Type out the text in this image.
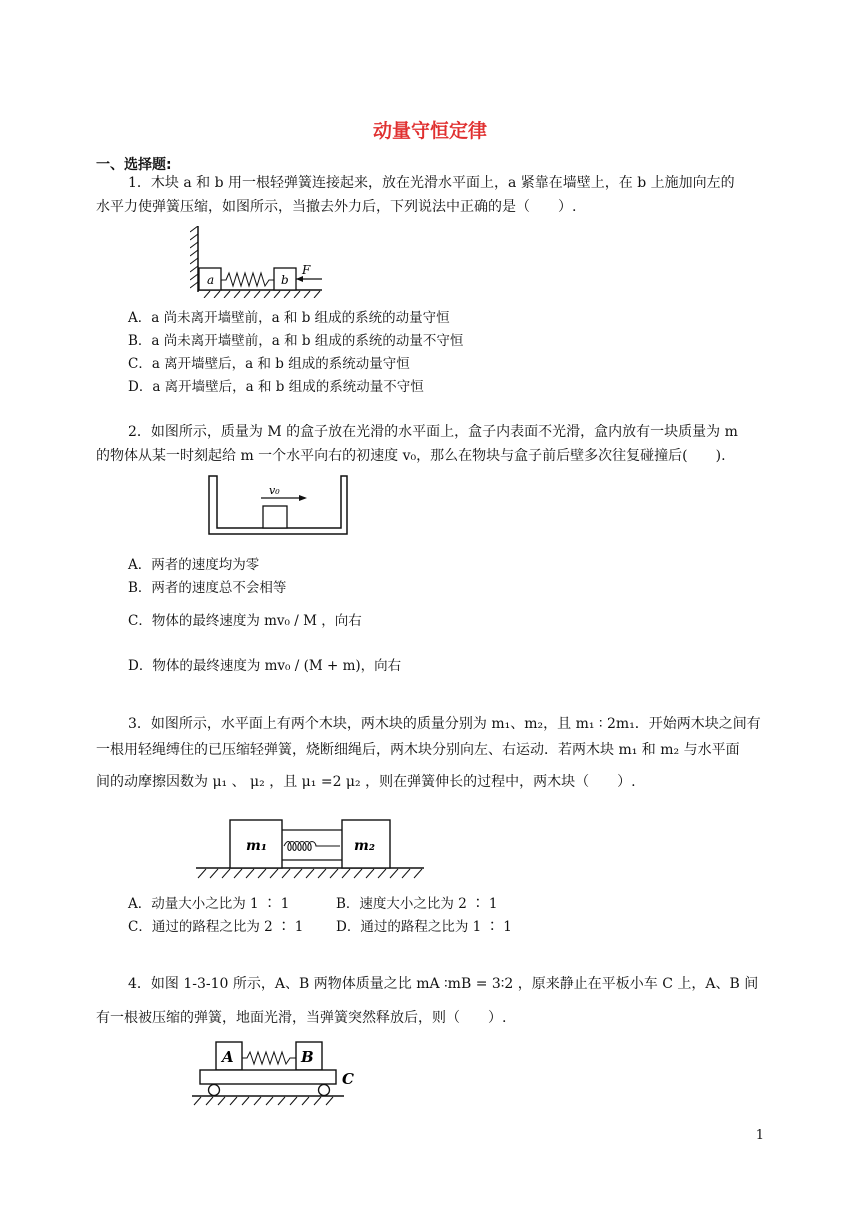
动量守恒定律
一、选择题:
1．木块 a 和 b 用一根轻弹簧连接起来，放在光滑水平面上，a 紧靠在墙壁上，在 b 上施加向左的
水平力使弹簧压缩，如图所示，当撤去外力后，下列说法中正确的是（　　）.
a	b
F
A．a 尚未离开墙壁前，a 和 b 组成的系统的动量守恒
B．a 尚未离开墙壁前，a 和 b 组成的系统的动量不守恒
C．a 离开墙壁后，a 和 b 组成的系统动量守恒
D．a 离开墙壁后，a 和 b 组成的系统动量不守恒
2．如图所示，质量为 M 的盒子放在光滑的水平面上，盒子内表面不光滑，盒内放有一块质量为 m
的物体从某一时刻起给 m 一个水平向右的初速度 v₀，那么在物块与盒子前后壁多次往复碰撞后(　　).
v₀
A．两者的速度均为零
B．两者的速度总不会相等
C．物体的最终速度为 mv₀ / M ，向右
D．物体的最终速度为 mv₀ / (M + m)，向右
3．如图所示，水平面上有两个木块，两木块的质量分别为 m₁、m₂，且 m₁ ∶ 2m₁．开始两木块之间有
一根用轻绳缚住的已压缩轻弹簧，烧断细绳后，两木块分别向左、右运动．若两木块 m₁ 和 m₂ 与水平面
间的动摩擦因数为 μ₁ 、 μ₂ ，且 μ₁ =2 μ₂ ，则在弹簧伸长的过程中，两木块（　　）.
m₁	m₂
A．动量大小之比为 1 ∶ 1	B．速度大小之比为 2 ∶ 1
C．通过的路程之比为 2 ∶ 1 D．通过的路程之比为 1 ∶ 1
4．如图 1-3-10 所示，A、B 两物体质量之比 mA ∶mB = 3∶2 ，原来静止在平板小车 C 上，A、B 间
有一根被压缩的弹簧，地面光滑，当弹簧突然释放后，则（　　）.
A	B
C
1
